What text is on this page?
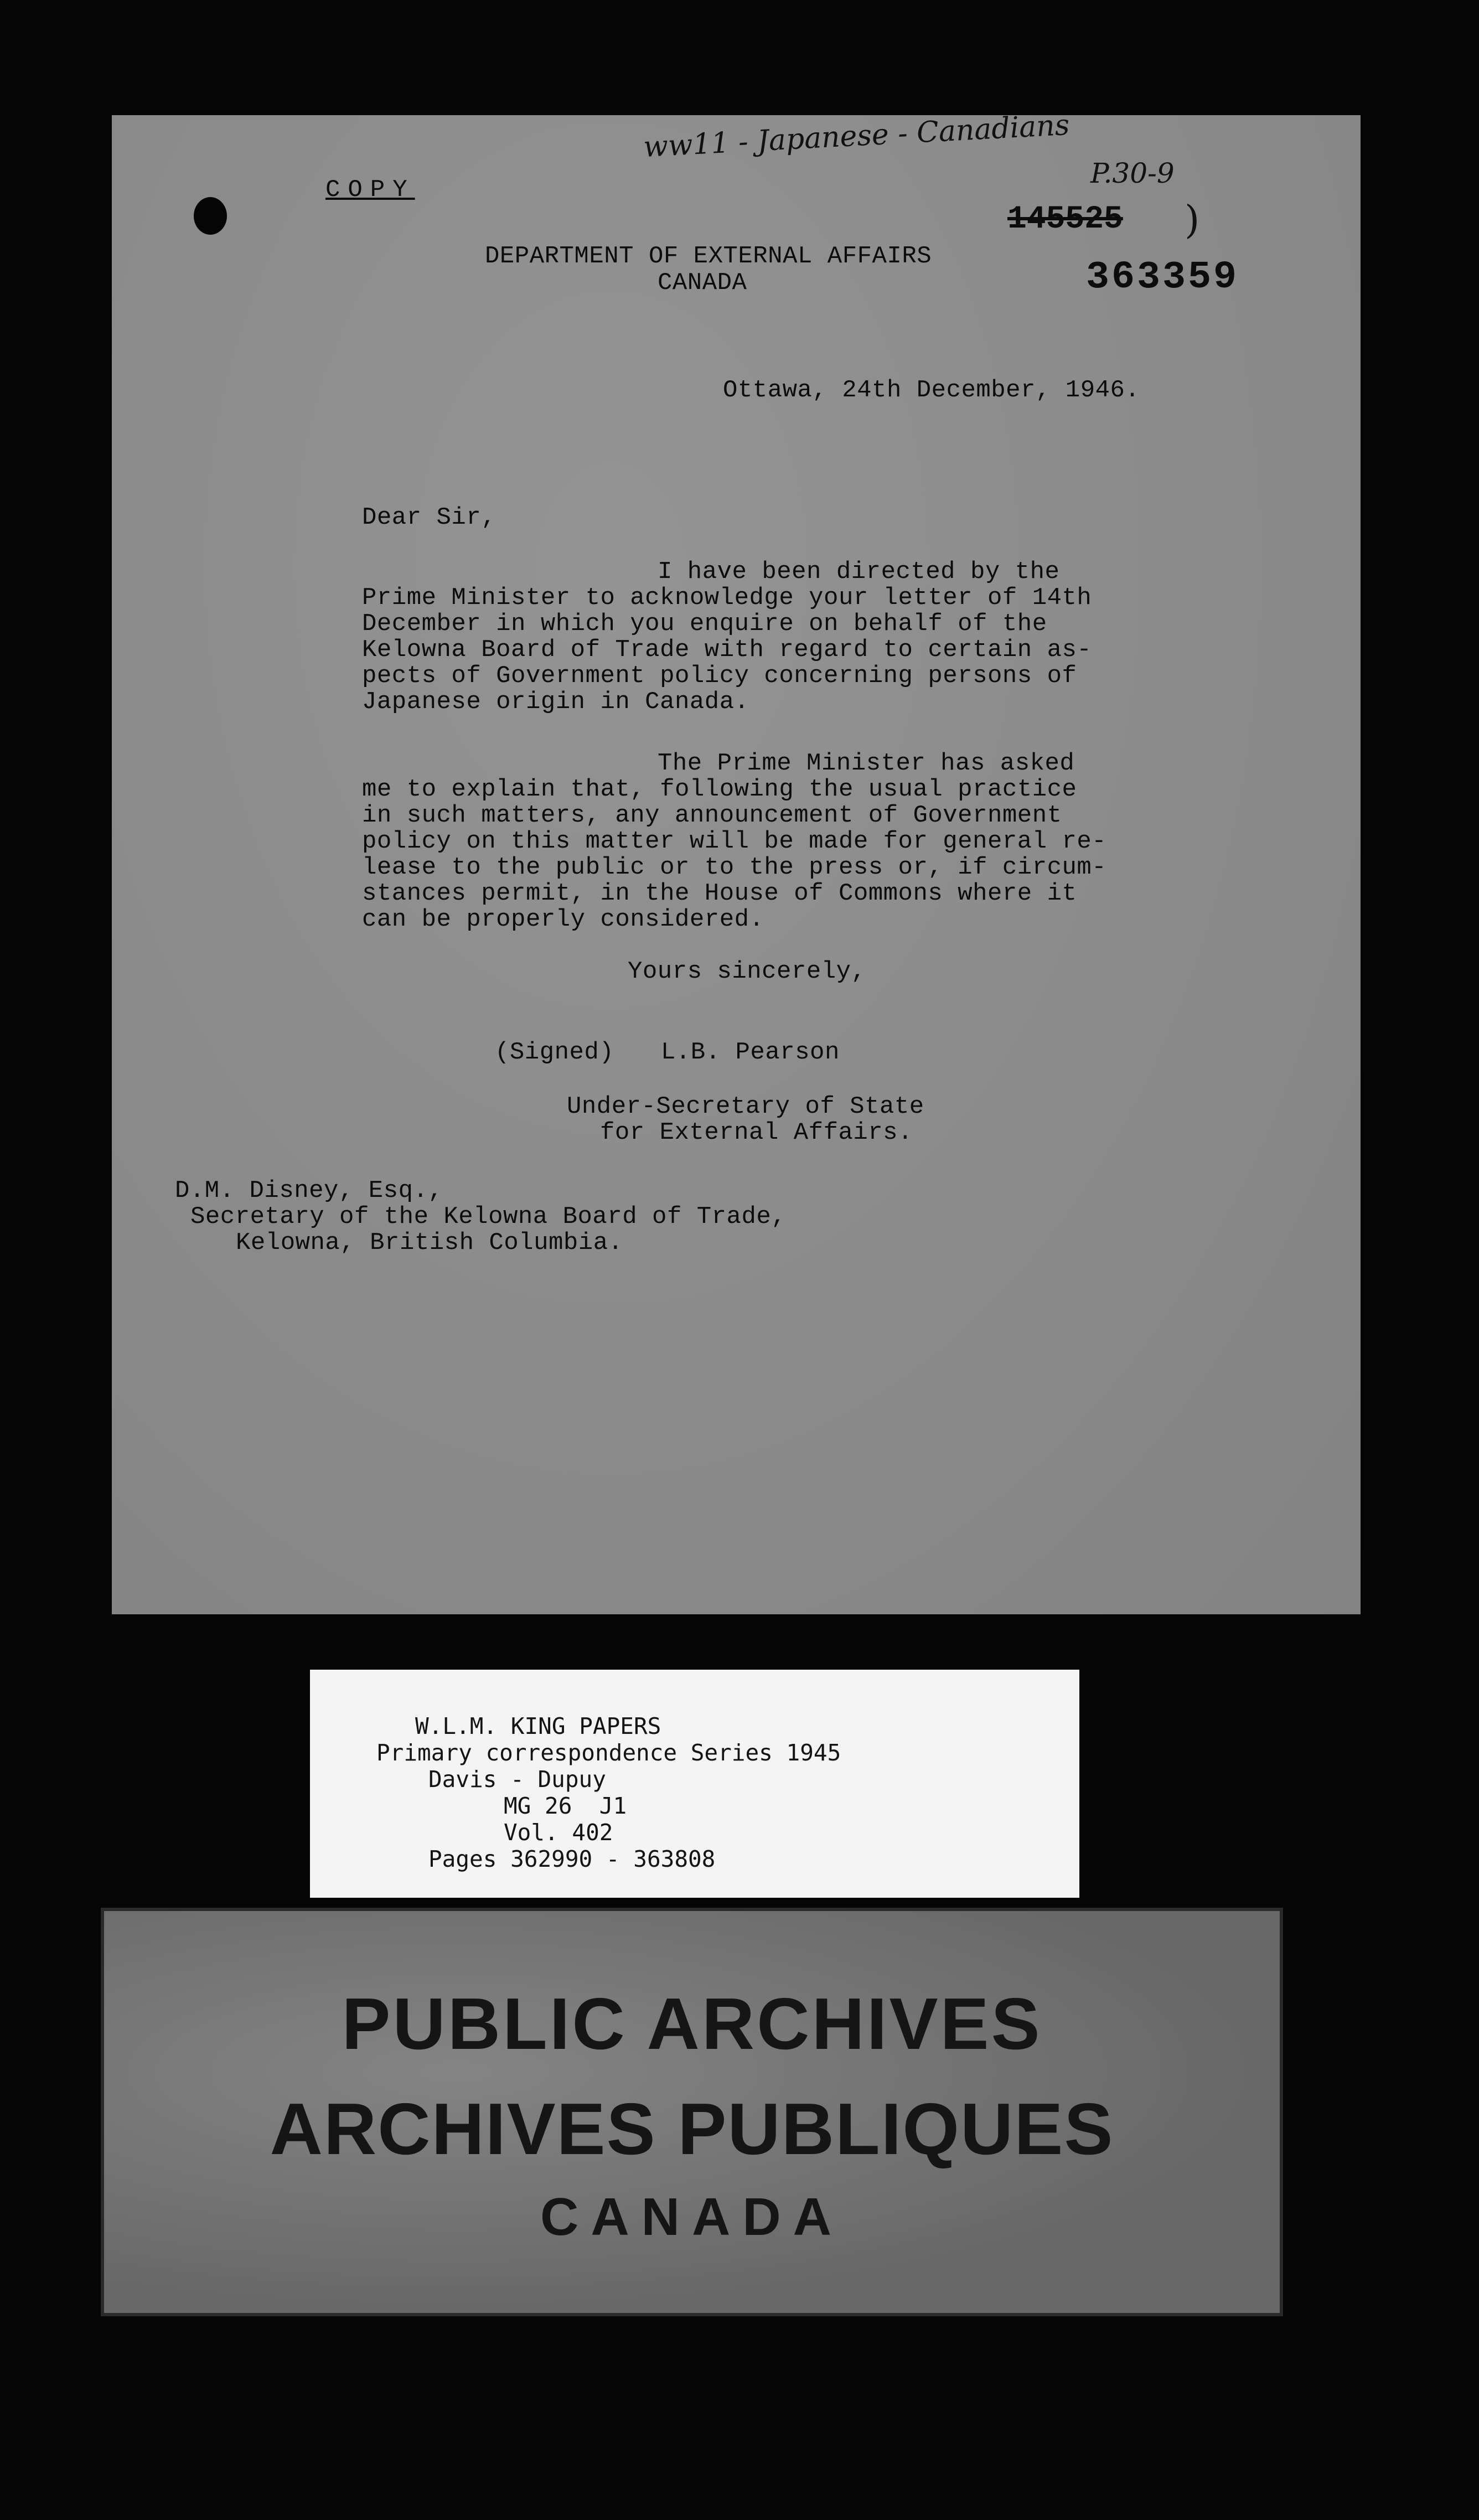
ww11 - Japanese - Canadians
P.30-9
145525 )
363359
COPY
DEPARTMENT OF EXTERNAL AFFAIRS
CANADA
Ottawa, 24th December, 1946.
Dear Sir,
I have been directed by the
Prime Minister to acknowledge your letter of 14th
December in which you enquire on behalf of the
Kelowna Board of Trade with regard to certain as-
pects of Government policy concerning persons of
Japanese origin in Canada.
The Prime Minister has asked
me to explain that, following the usual practice
in such matters, any announcement of Government
policy on this matter will be made for general re-
lease to the public or to the press or, if circum-
stances permit, in the House of Commons where it
can be properly considered.
Yours sincerely,
(Signed) L.B. Pearson
Under-Secretary of State
for External Affairs.
D.M. Disney, Esq.,
Secretary of the Kelowna Board of Trade,
Kelowna, British Columbia.
W.L.M. KING PAPERS
Primary correspondence Series 1945
Davis - Dupuy
MG 26  J1
Vol. 402
Pages 362990 - 363808
PUBLIC ARCHIVES
ARCHIVES PUBLIQUES
CANADA
